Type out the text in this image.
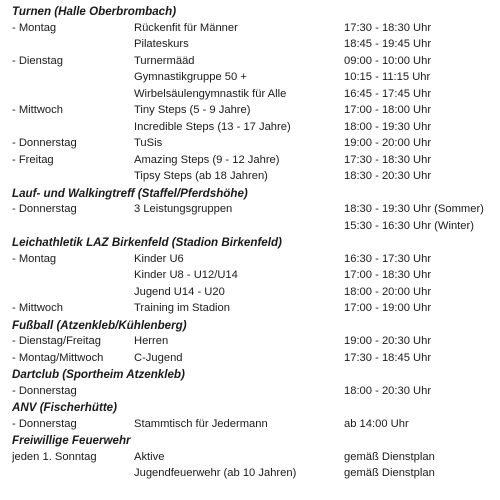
Turnen (Halle Oberbrombach)
- Montag	Rückenfit für Männer	17:30 - 18:30 Uhr
Pilateskurs	18:45 - 19:45 Uhr
- Dienstag	Turnermääd	09:00 - 10:00 Uhr
Gymnastikgruppe 50 +	10:15 - 11:15 Uhr
Wirbelsäulengymnastik für Alle	16:45 - 17:45 Uhr
- Mittwoch	Tiny Steps (5 - 9 Jahre)	17:00 - 18:00 Uhr
Incredible Steps (13 - 17 Jahre)	18:00 - 19:30 Uhr
- Donnerstag	TuSis	19:00 - 20:00 Uhr
- Freitag	Amazing Steps (9 - 12 Jahre)	17:30 - 18:30 Uhr
Tipsy Steps (ab 18 Jahren)	18:30 - 20:30 Uhr
Lauf- und Walkingtreff (Staffel/Pferdshöhe)
- Donnerstag	3 Leistungsgruppen	18:30 - 19:30 Uhr (Sommer)
15:30 - 16:30 Uhr (Winter)
Leichathletik LAZ Birkenfeld (Stadion Birkenfeld)
- Montag	Kinder U6	16:30 - 17:30 Uhr
Kinder U8 - U12/U14	17:00 - 18:30 Uhr
Jugend U14 - U20	18:00 - 20:00 Uhr
- Mittwoch	Training im Stadion	17:00 - 19:00 Uhr
Fußball (Atzenkleb/Kühlenberg)
- Dienstag/Freitag	Herren	19:00 - 20:30 Uhr
- Montag/Mittwoch	C-Jugend	17:30 - 18:45 Uhr
Dartclub (Sportheim Atzenkleb)
- Donnerstag	18:00 - 20:30 Uhr
ANV (Fischerhütte)
- Donnerstag	Stammtisch für Jedermann	ab 14:00 Uhr
Freiwillige Feuerwehr
jeden 1. Sonntag	Aktive	gemäß Dienstplan
Jugendfeuerwehr (ab 10 Jahren)	gemäß Dienstplan
